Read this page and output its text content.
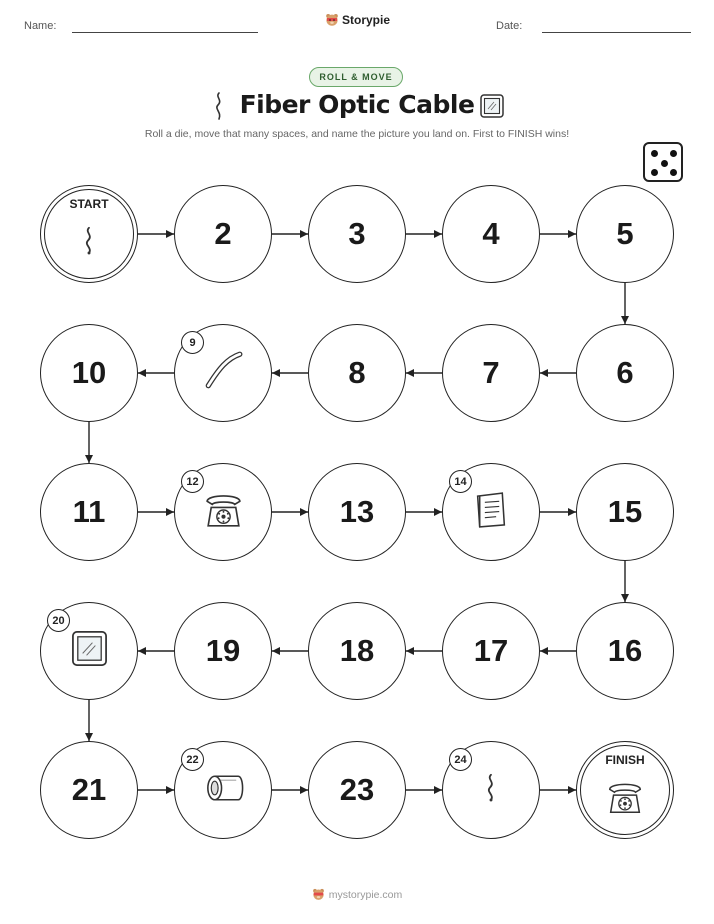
Name:	Storypie	Date:
ROLL & MOVE
Fiber Optic Cable
Roll a die, move that many spaces, and name the picture you land on. First to FINISH wins!
START
2	3	4	5
6
7
8
9
10
11
12
13
14
15
16
17
18
19
20
21
22
23
24	FINISH
mystorypie.com
